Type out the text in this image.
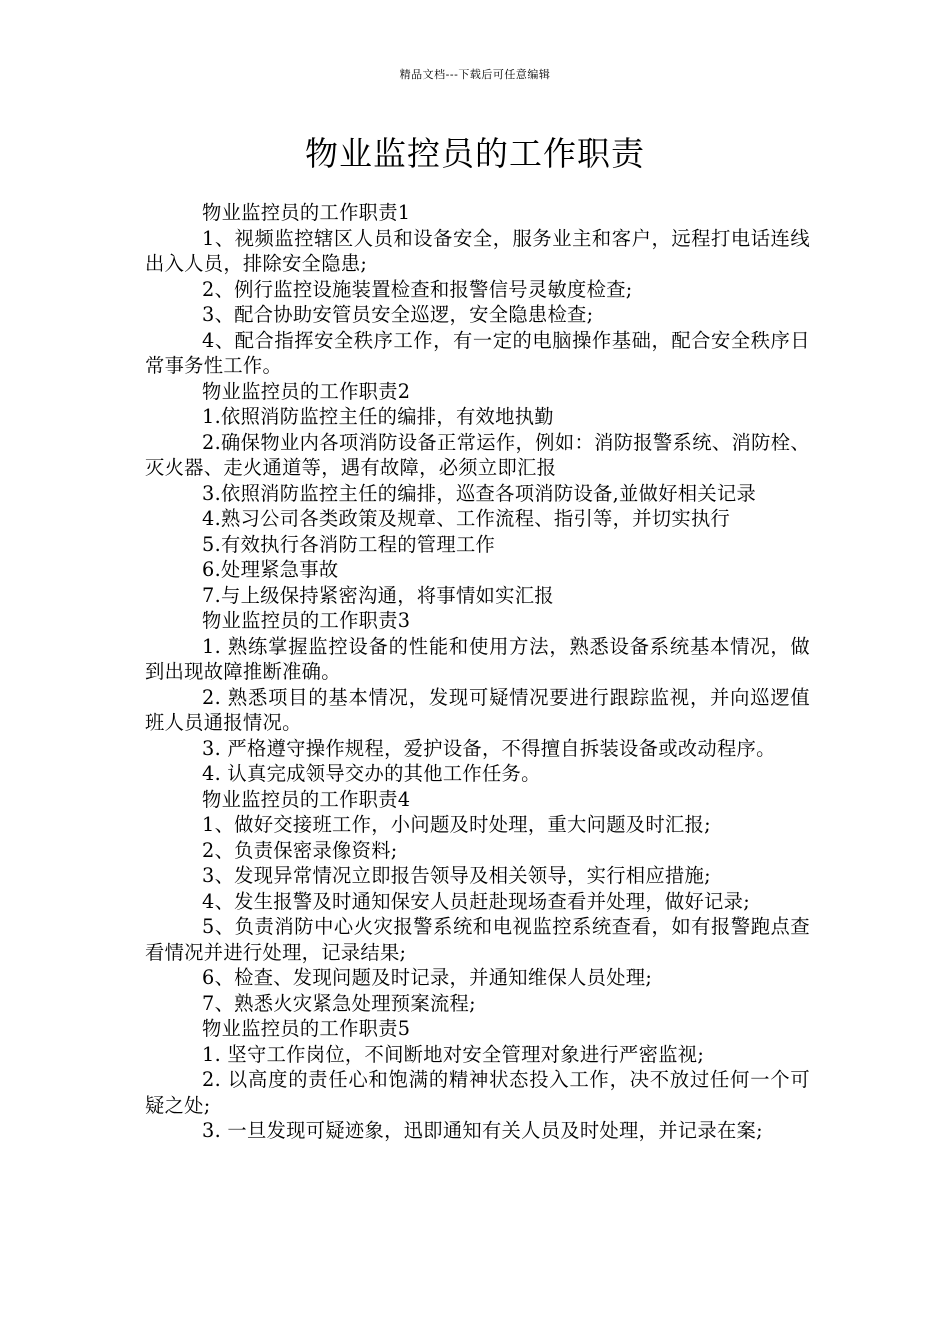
精品文档---下载后可任意编辑
物业监控员的工作职责

物业监控员的工作职责1

1、视频监控辖区人员和设备安全，服务业主和客户，远程打电话连线出入人员，排除安全隐患;

2、例行监控设施装置检查和报警信号灵敏度检查;

3、配合协助安管员安全巡逻，安全隐患检查;

4、配合指挥安全秩序工作，有一定的电脑操作基础，配合安全秩序日常事务性工作。

物业监控员的工作职责2

1.依照消防监控主任的编排，有效地执勤

2.确保物业内各项消防设备正常运作，例如：消防报警系统、消防栓、灭火器、走火通道等，遇有故障，必须立即汇报

3.依照消防监控主任的编排，巡查各项消防设备,並做好相关记录

4.熟习公司各类政策及规章、工作流程、指引等，并切实执行

5.有效执行各消防工程的管理工作

6.处理紧急事故

7.与上级保持紧密沟通，将事情如实汇报

物业监控员的工作职责3

1. 熟练掌握监控设备的性能和使用方法，熟悉设备系统基本情况，做到出现故障推断准确。

2. 熟悉项目的基本情况，发现可疑情况要进行跟踪监视，并向巡逻值班人员通报情况。

3. 严格遵守操作规程，爱护设备，不得擅自拆装设备或改动程序。

4. 认真完成领导交办的其他工作任务。

物业监控员的工作职责4

1、做好交接班工作，小问题及时处理，重大问题及时汇报;

2、负责保密录像资料;

3、发现异常情况立即报告领导及相关领导，实行相应措施;

4、发生报警及时通知保安人员赶赴现场查看并处理，做好记录;

5、负责消防中心火灾报警系统和电视监控系统查看，如有报警跑点查看情况并进行处理，记录结果;

6、检查、发现问题及时记录，并通知维保人员处理;

7、熟悉火灾紧急处理预案流程;

物业监控员的工作职责5

1. 坚守工作岗位，不间断地对安全管理对象进行严密监视;

2. 以高度的责任心和饱满的精神状态投入工作，决不放过任何一个可疑之处;

3. 一旦发现可疑迹象，迅即通知有关人员及时处理，并记录在案;
